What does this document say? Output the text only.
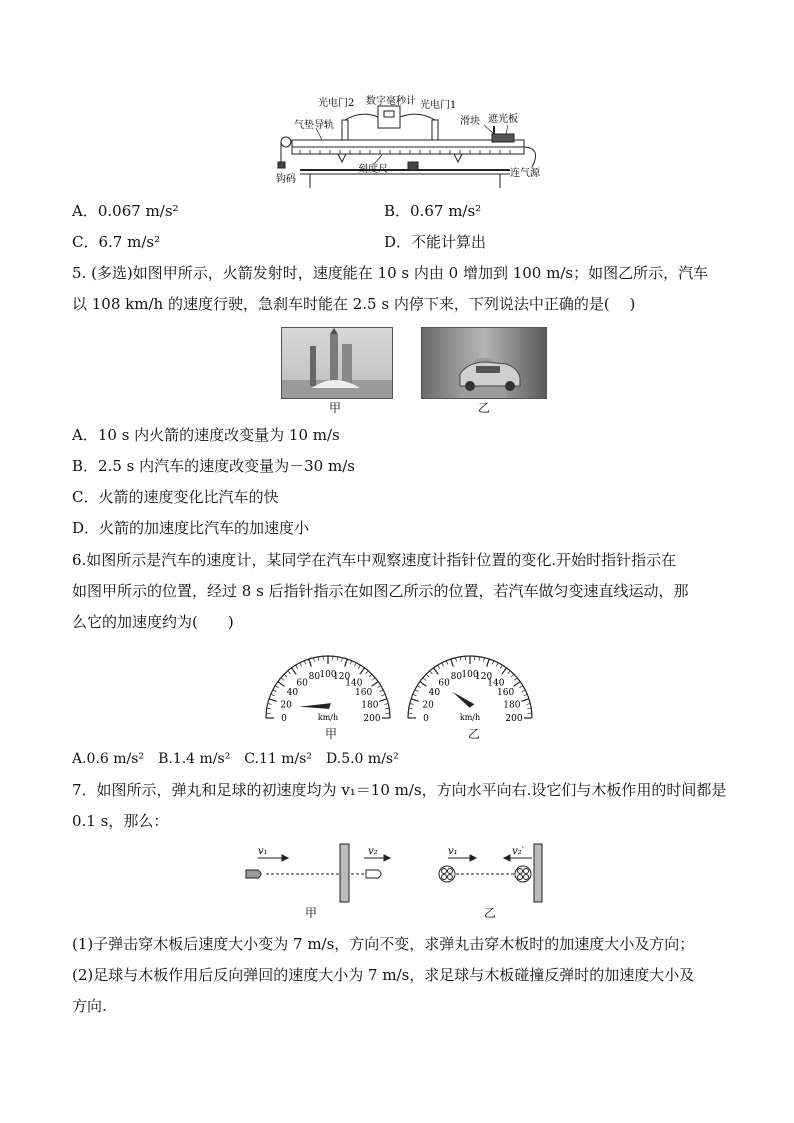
光电门2 数字毫秒计 光电门1
气垫导轨	滑块 遮光板
钩码
刻度尺	连气源
A．0.067 m/s²	B．0.67 m/s²
C．6.7 m/s²	D．不能计算出
5. (多选)如图甲所示，火箭发射时，速度能在 10 s 内由 0 增加到 100 m/s；如图乙所示，汽车
以 108 km/h 的速度行驶，急刹车时能在 2.5 s 内停下来，下列说法中正确的是(　 )
甲	乙
A．10 s 内火箭的速度改变量为 10 m/s
B．2.5 s 内汽车的速度改变量为－30 m/s
C．火箭的速度变化比汽车的快
D．火箭的加速度比汽车的加速度小
6.如图所示是汽车的速度计，某同学在汽车中观察速度计指针位置的变化.开始时指针指示在
如图甲所示的位置，经过 8 s 后指针指示在如图乙所示的位置，若汽车做匀变速直线运动，那
么它的加速度约为(　　)
0
20
40
60
80 100
120
140
160
180
200
km/h	0
20
40
60
80 100
120
140
160
180
200
km/h
甲	乙
A.0.6 m/s²　B.1.4 m/s²　C.11 m/s²　D.5.0 m/s²
7．如图所示，弹丸和足球的初速度均为 v₁＝10 m/s，方向水平向右.设它们与木板作用的时间都是
0.1 s，那么：
v₁	v₂
甲
v₁	v₂′
乙
(1)子弹击穿木板后速度大小变为 7 m/s，方向不变，求弹丸击穿木板时的加速度大小及方向；
(2)足球与木板作用后反向弹回的速度大小为 7 m/s，求足球与木板碰撞反弹时的加速度大小及
方向.
